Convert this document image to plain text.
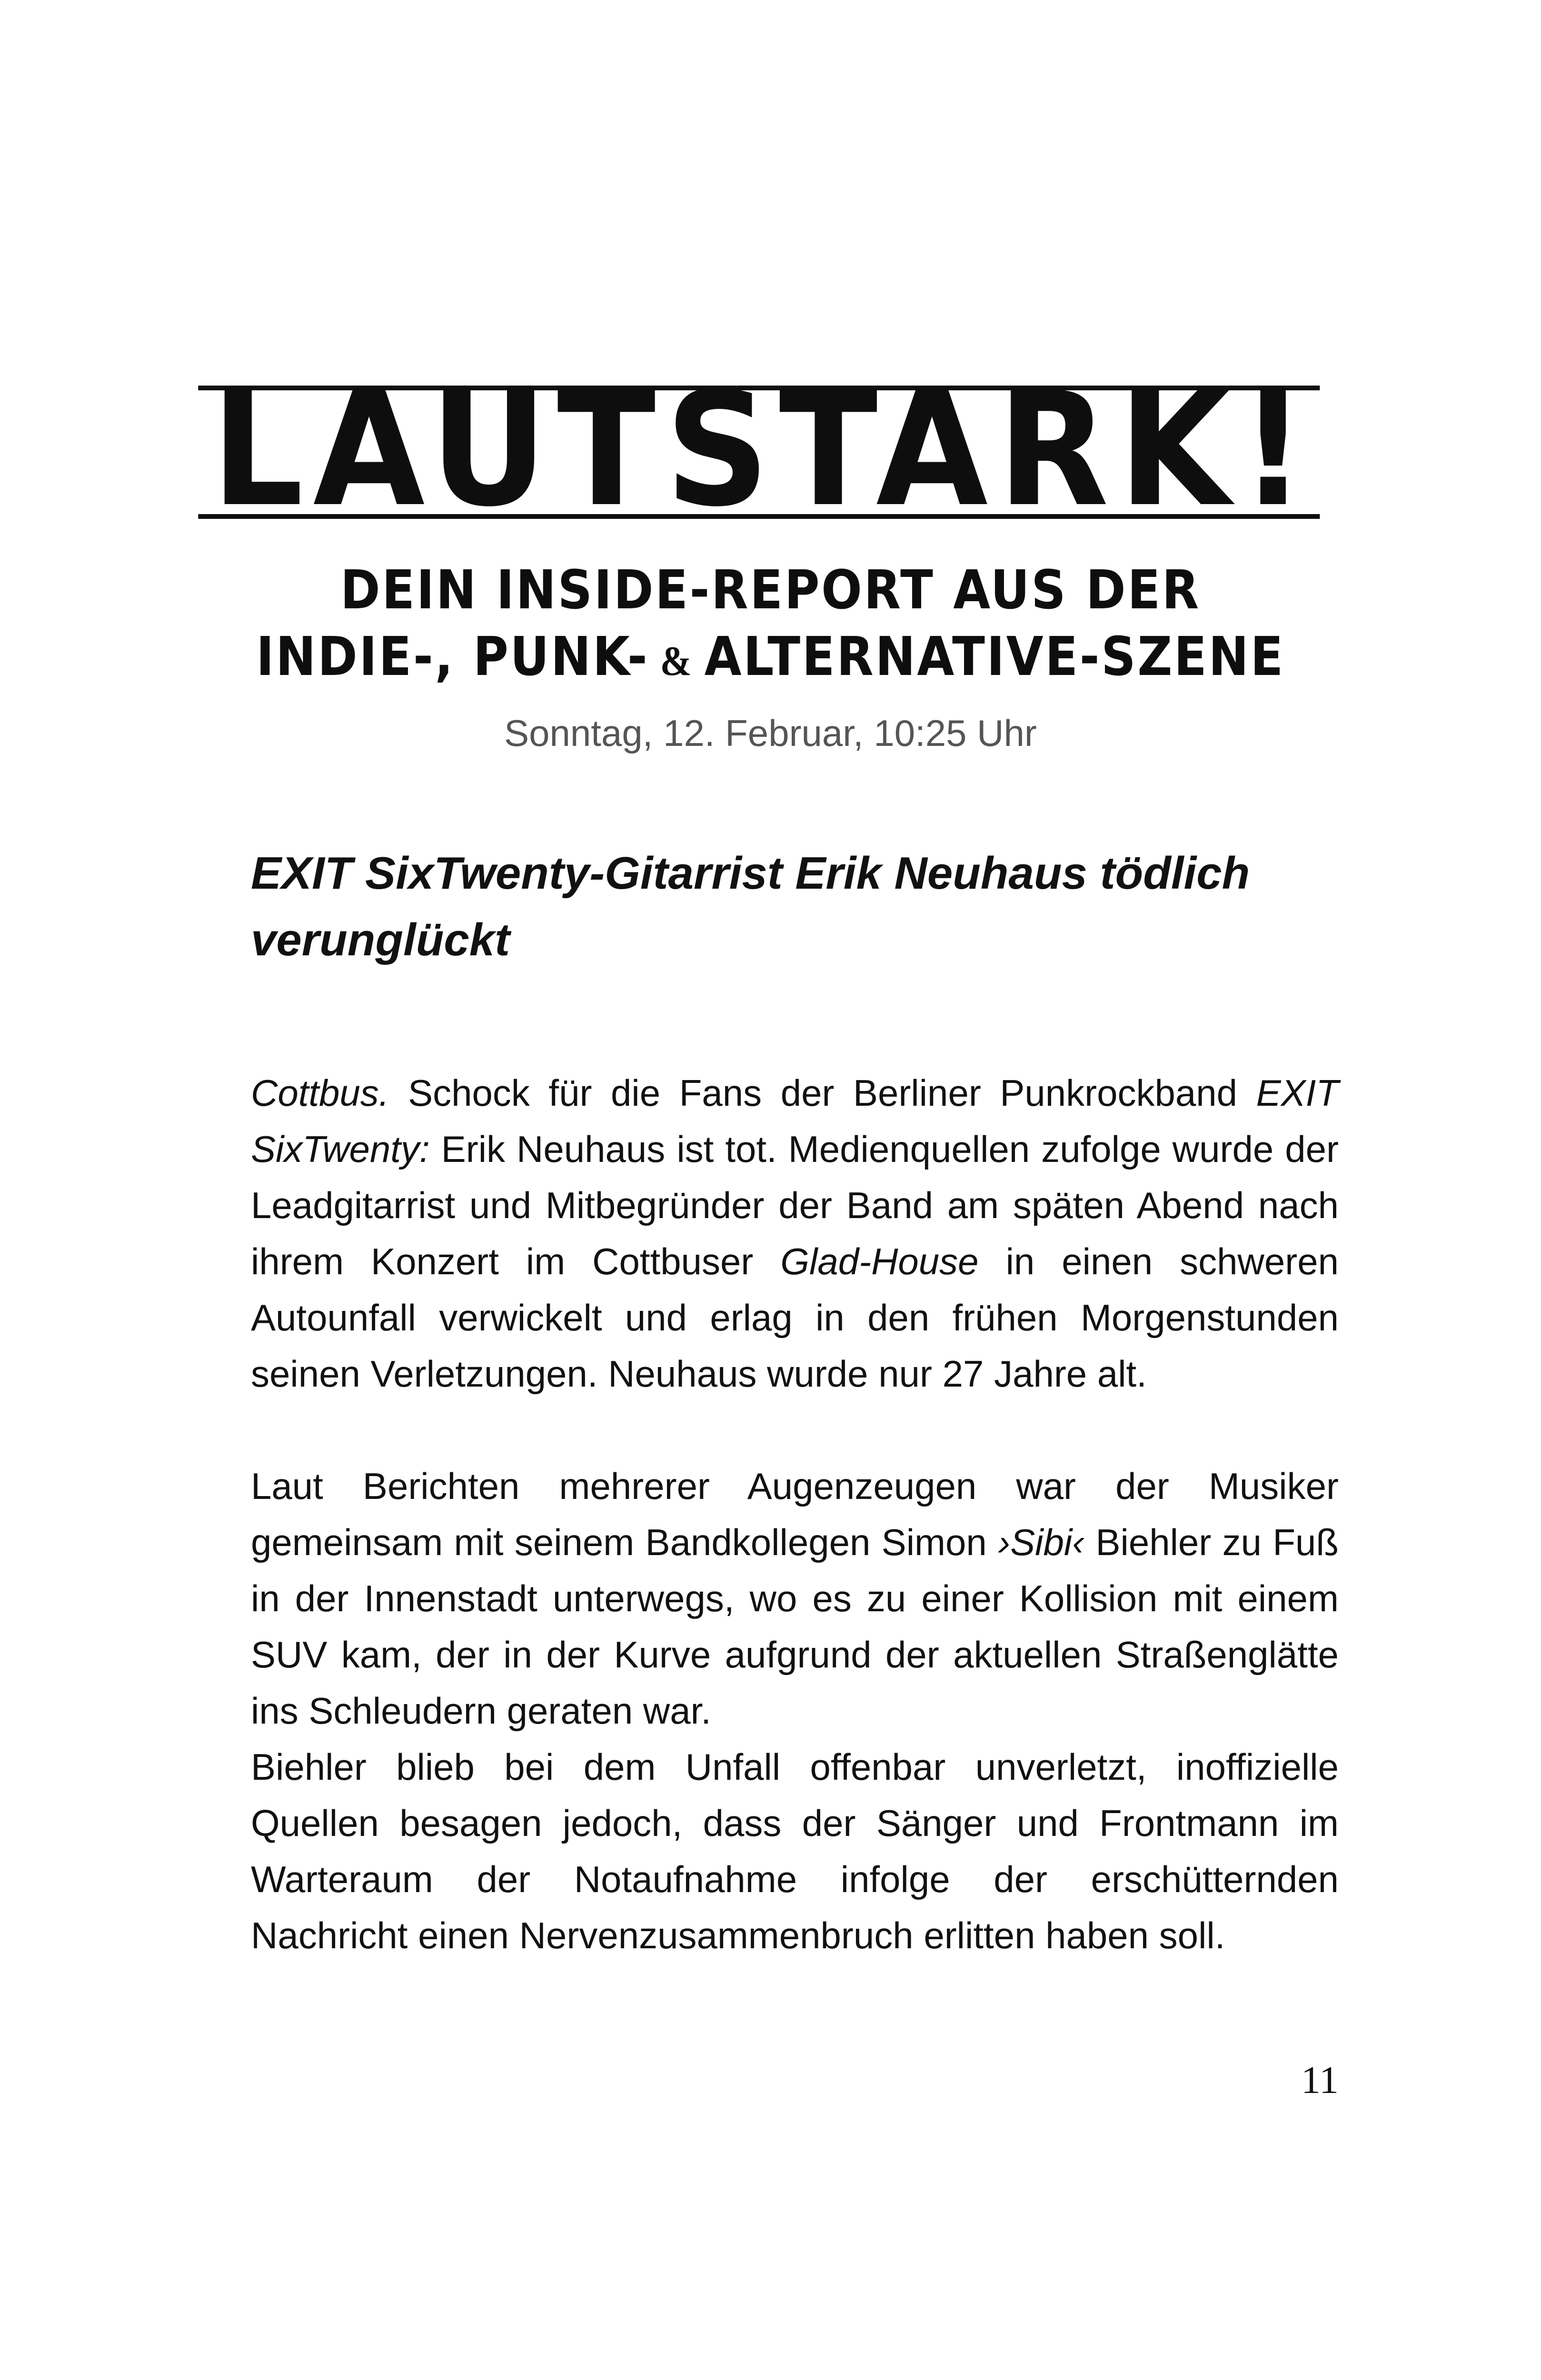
LAUTSTARK!
DEIN INSIDE-REPORT AUS DER
INDIE-, PUNK- & ALTERNATIVE-SZENE
Sonntag, 12. Februar, 10:25 Uhr
EXIT SixTwenty-Gitarrist Erik Neuhaus tödlich verunglückt

Cottbus. Schock für die Fans der Berliner Punkrockband EXIT SixTwenty: Erik Neuhaus ist tot. Medienquellen zufolge wurde der Leadgitarrist und Mitbegründer der Band am späten Abend nach ihrem Konzert im Cottbuser Glad-House in einen schweren Autounfall verwickelt und erlag in den frühen Morgenstunden seinen Verletzungen. Neuhaus wurde nur 27 Jahre alt.

Laut Berichten mehrerer Augenzeugen war der Musiker gemeinsam mit seinem Bandkollegen Simon ›Sibi‹ Biehler zu Fuß in der Innenstadt unterwegs, wo es zu einer Kollision mit einem SUV kam, der in der Kurve aufgrund der aktuellen Straßenglätte ins Schleudern geraten war.

Biehler blieb bei dem Unfall offenbar unverletzt, inoffizielle Quellen besagen jedoch, dass der Sänger und Frontmann im Warteraum der Notaufnahme infolge der erschütternden Nachricht einen Nervenzusammenbruch erlitten haben soll.

11
